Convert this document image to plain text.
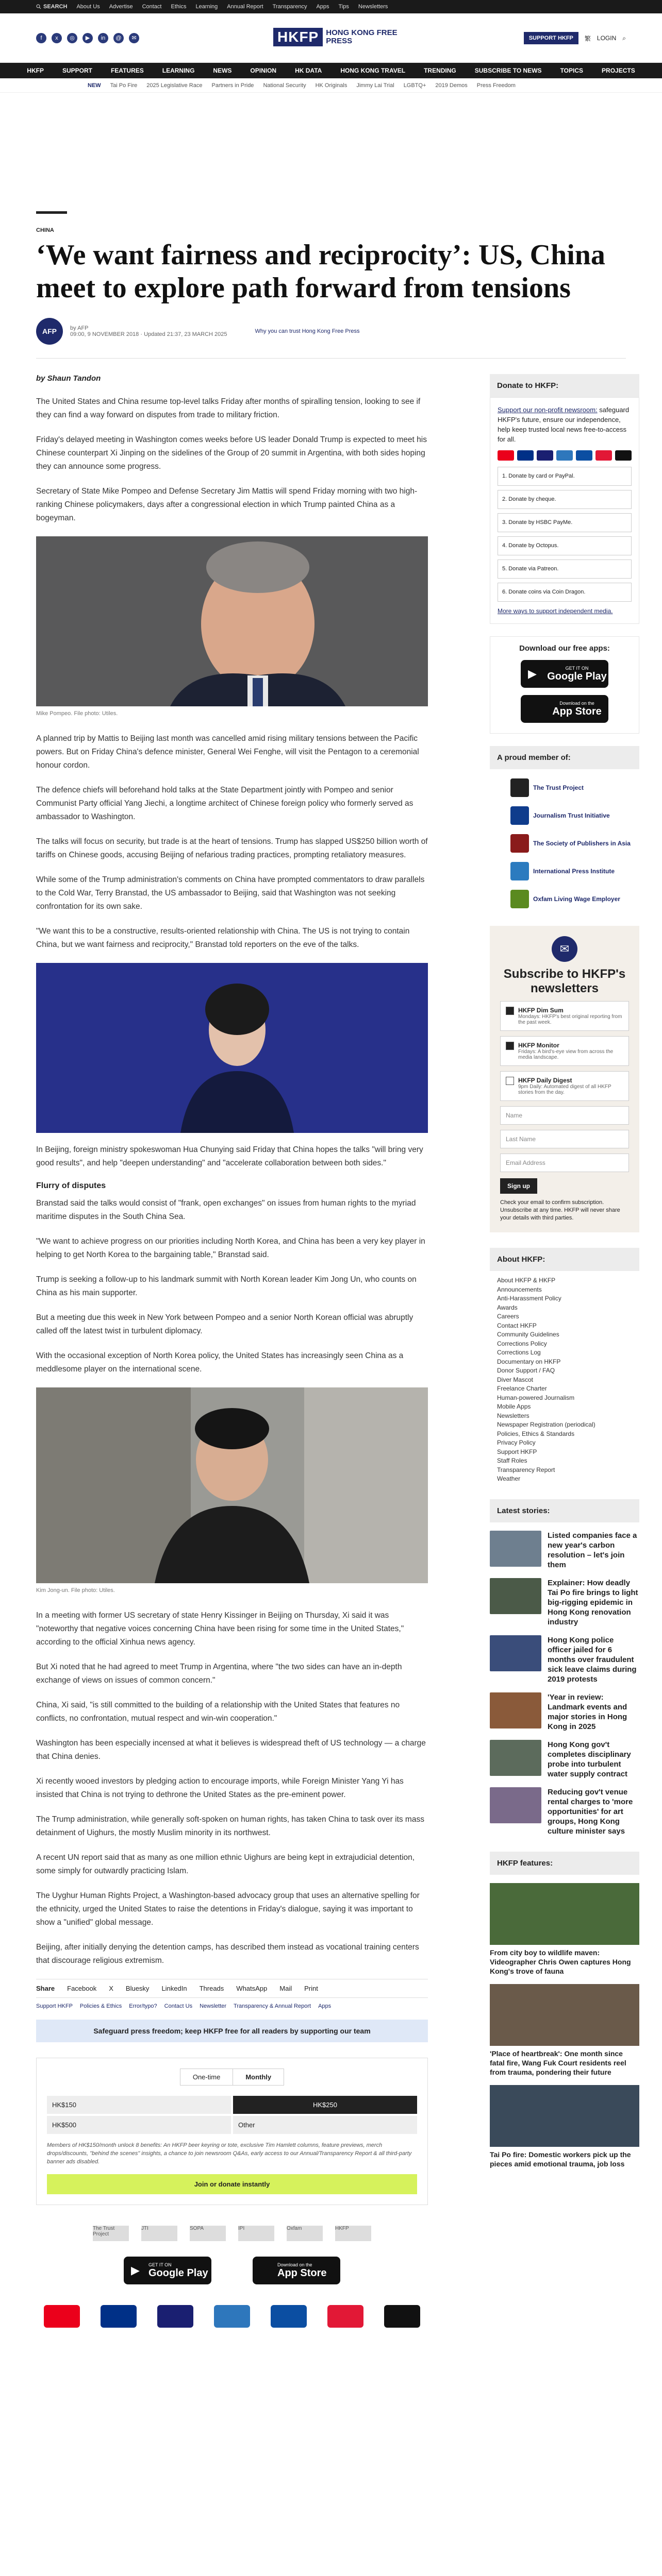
SEARCH About Us Advertise Contact Ethics Learning Annual Report Transparency Apps Tips Newsletters
f	x	◎	▶	in	@	✉	HKFP HONG KONG FREE PRESS	SUPPORT HKFP	繁 LOGIN ⌕
HKFP	SUPPORT	FEATURES	LEARNING	NEWS	OPINION	HK DATA	HONG KONG TRAVEL	TRENDING	SUBSCRIBE TO NEWS	TOPICS	PROJECTS
NEW Tai Po Fire 2025 Legislative Race Partners in Pride National Security HK Originals Jimmy Lai Trial LGBTQ+ 2019 Demos Press Freedom
CHINA
‘We want fairness and reciprocity’: US, China meet to explore path forward from tensions
AFP	by AFP
09:00, 9 NOVEMBER 2018 · Updated 21:37, 23 MARCH 2025	Why you can trust Hong Kong Free Press
by Shaun Tandon

The United States and China resume top-level talks Friday after months of spiralling tension, looking to see if they can find a way forward on disputes from trade to military friction.

Friday's delayed meeting in Washington comes weeks before US leader Donald Trump is expected to meet his Chinese counterpart Xi Jinping on the sidelines of the Group of 20 summit in Argentina, with both sides hoping they can announce some progress.

Secretary of State Mike Pompeo and Defense Secretary Jim Mattis will spend Friday morning with two high-ranking Chinese policymakers, days after a congressional election in which Trump painted China as a bogeyman.

Mike Pompeo. File photo: Utiles.

A planned trip by Mattis to Beijing last month was cancelled amid rising military tensions between the Pacific powers. But on Friday China's defence minister, General Wei Fenghe, will visit the Pentagon to a ceremonial honour cordon.

The defence chiefs will beforehand hold talks at the State Department jointly with Pompeo and senior Communist Party official Yang Jiechi, a longtime architect of Chinese foreign policy who formerly served as ambassador to Washington.

The talks will focus on security, but trade is at the heart of tensions. Trump has slapped US$250 billion worth of tariffs on Chinese goods, accusing Beijing of nefarious trading practices, prompting retaliatory measures.

While some of the Trump administration's comments on China have prompted commentators to draw parallels to the Cold War, Terry Branstad, the US ambassador to Beijing, said that Washington was not seeking confrontation for its own sake.

"We want this to be a constructive, results-oriented relationship with China. The US is not trying to contain China, but we want fairness and reciprocity," Branstad told reporters on the eve of the talks.

In Beijing, foreign ministry spokeswoman Hua Chunying said Friday that China hopes the talks "will bring very good results", and help "deepen understanding" and "accelerate collaboration between both sides."

Flurry of disputes

Branstad said the talks would consist of "frank, open exchanges" on issues from human rights to the myriad maritime disputes in the South China Sea.

"We want to achieve progress on our priorities including North Korea, and China has been a very key player in helping to get North Korea to the bargaining table," Branstad said.

Trump is seeking a follow-up to his landmark summit with North Korean leader Kim Jong Un, who counts on China as his main supporter.

But a meeting due this week in New York between Pompeo and a senior North Korean official was abruptly called off the latest twist in turbulent diplomacy.

With the occasional exception of North Korea policy, the United States has increasingly seen China as a meddlesome player on the international scene.

Kim Jong-un. File photo: Utiles.

In a meeting with former US secretary of state Henry Kissinger in Beijing on Thursday, Xi said it was "noteworthy that negative voices concerning China have been rising for some time in the United States," according to the official Xinhua news agency.

But Xi noted that he had agreed to meet Trump in Argentina, where "the two sides can have an in-depth exchange of views on issues of common concern."

China, Xi said, "is still committed to the building of a relationship with the United States that features no conflicts, no confrontation, mutual respect and win-win cooperation."

Washington has been especially incensed at what it believes is widespread theft of US technology — a charge that China denies.

Xi recently wooed investors by pledging action to encourage imports, while Foreign Minister Yang Yi has insisted that China is not trying to dethrone the United States as the pre-eminent power.

The Trump administration, while generally soft-spoken on human rights, has taken China to task over its mass detainment of Uighurs, the mostly Muslim minority in its northwest.

A recent UN report said that as many as one million ethnic Uighurs are being kept in extrajudicial detention, some simply for outwardly practicing Islam.

The Uyghur Human Rights Project, a Washington-based advocacy group that uses an alternative spelling for the ethnicity, urged the United States to raise the detentions in Friday's dialogue, saying it was important to show a "unified" global message.

Beijing, after initially denying the detention camps, has described them instead as vocational training centers that discourage religious extremism.

Share Facebook X Bluesky LinkedIn Threads WhatsApp Mail Print
Support HKFP Policies & Ethics Error/typo? Contact Us Newsletter Transparency & Annual Report Apps
Safeguard press freedom; keep HKFP free for all readers by supporting our team
One-time	Monthly
HK$150	HK$250
HK$500	Other
Members of HK$150/month unlock 8 benefits: An HKFP beer keyring or tote, exclusive Tim Hamlett columns, feature previews, merch drops/discounts, "behind the scenes" insights, a chance to join newsroom Q&As, early access to our Annual/Transparency Report & all third-party banner ads disabled.
Join or donate instantly
The Trust Project
JTI	SOPA	IPI	Oxfam	HKFP
▶ GET IT ON
Google Play
Download on the
App Store
Donate to HKFP:
Support our non-profit newsroom: safeguard HKFP's future, ensure our independence, help keep trusted local news free-to-access for all.
1. Donate by card or PayPal.
2. Donate by cheque.
3. Donate by HSBC PayMe.
4. Donate by Octopus.
5. Donate via Patreon.
6. Donate coins via Coin Dragon.
More ways to support independent media.
Download our free apps:
▶	GET IT ON
Google Play
Download on the
App Store
A proud member of:
The Trust Project
Journalism Trust Initiative
The Society of Publishers in Asia
International Press Institute
Oxfam Living Wage Employer
✉
Subscribe to HKFP's newsletters
HKFP Dim Sum
Mondays: HKFP's best original reporting from the past week.
HKFP Monitor
Fridays: A bird's-eye view from across the media landscape.
HKFP Daily Digest
9pm Daily: Automated digest of all HKFP stories from the day.
Name
Last Name
Email Address
Sign up
Check your email to confirm subscription. Unsubscribe at any time. HKFP will never share your details with third parties.
About HKFP:
About HKFP & HKFP
Announcements
Anti-Harassment Policy
Awards
Careers
Contact HKFP
Community Guidelines
Corrections Policy
Corrections Log
Documentary on HKFP
Donor Support / FAQ
Diver Mascot
Freelance Charter
Human-powered Journalism
Mobile Apps
Newsletters
Newspaper Registration (periodical)
Policies, Ethics & Standards
Privacy Policy
Support HKFP
Staff Roles
Transparency Report
Weather
Latest stories:

Listed companies face a new year's carbon resolution – let's join them

Explainer: How deadly Tai Po fire brings to light big-rigging epidemic in Hong Kong renovation industry

Hong Kong police officer jailed for 6 months over fraudulent sick leave claims during 2019 protests

'Year in review: Landmark events and major stories in Hong Kong in 2025

Hong Kong gov't completes disciplinary probe into turbulent water supply contract

Reducing gov't venue rental charges to 'more opportunities' for art groups, Hong Kong culture minister says

HKFP features:

From city boy to wildlife maven: Videographer Chris Owen captures Hong Kong's trove of fauna

'Place of heartbreak': One month since fatal fire, Wang Fuk Court residents reel from trauma, pondering their future

Tai Po fire: Domestic workers pick up the pieces amid emotional trauma, job loss
